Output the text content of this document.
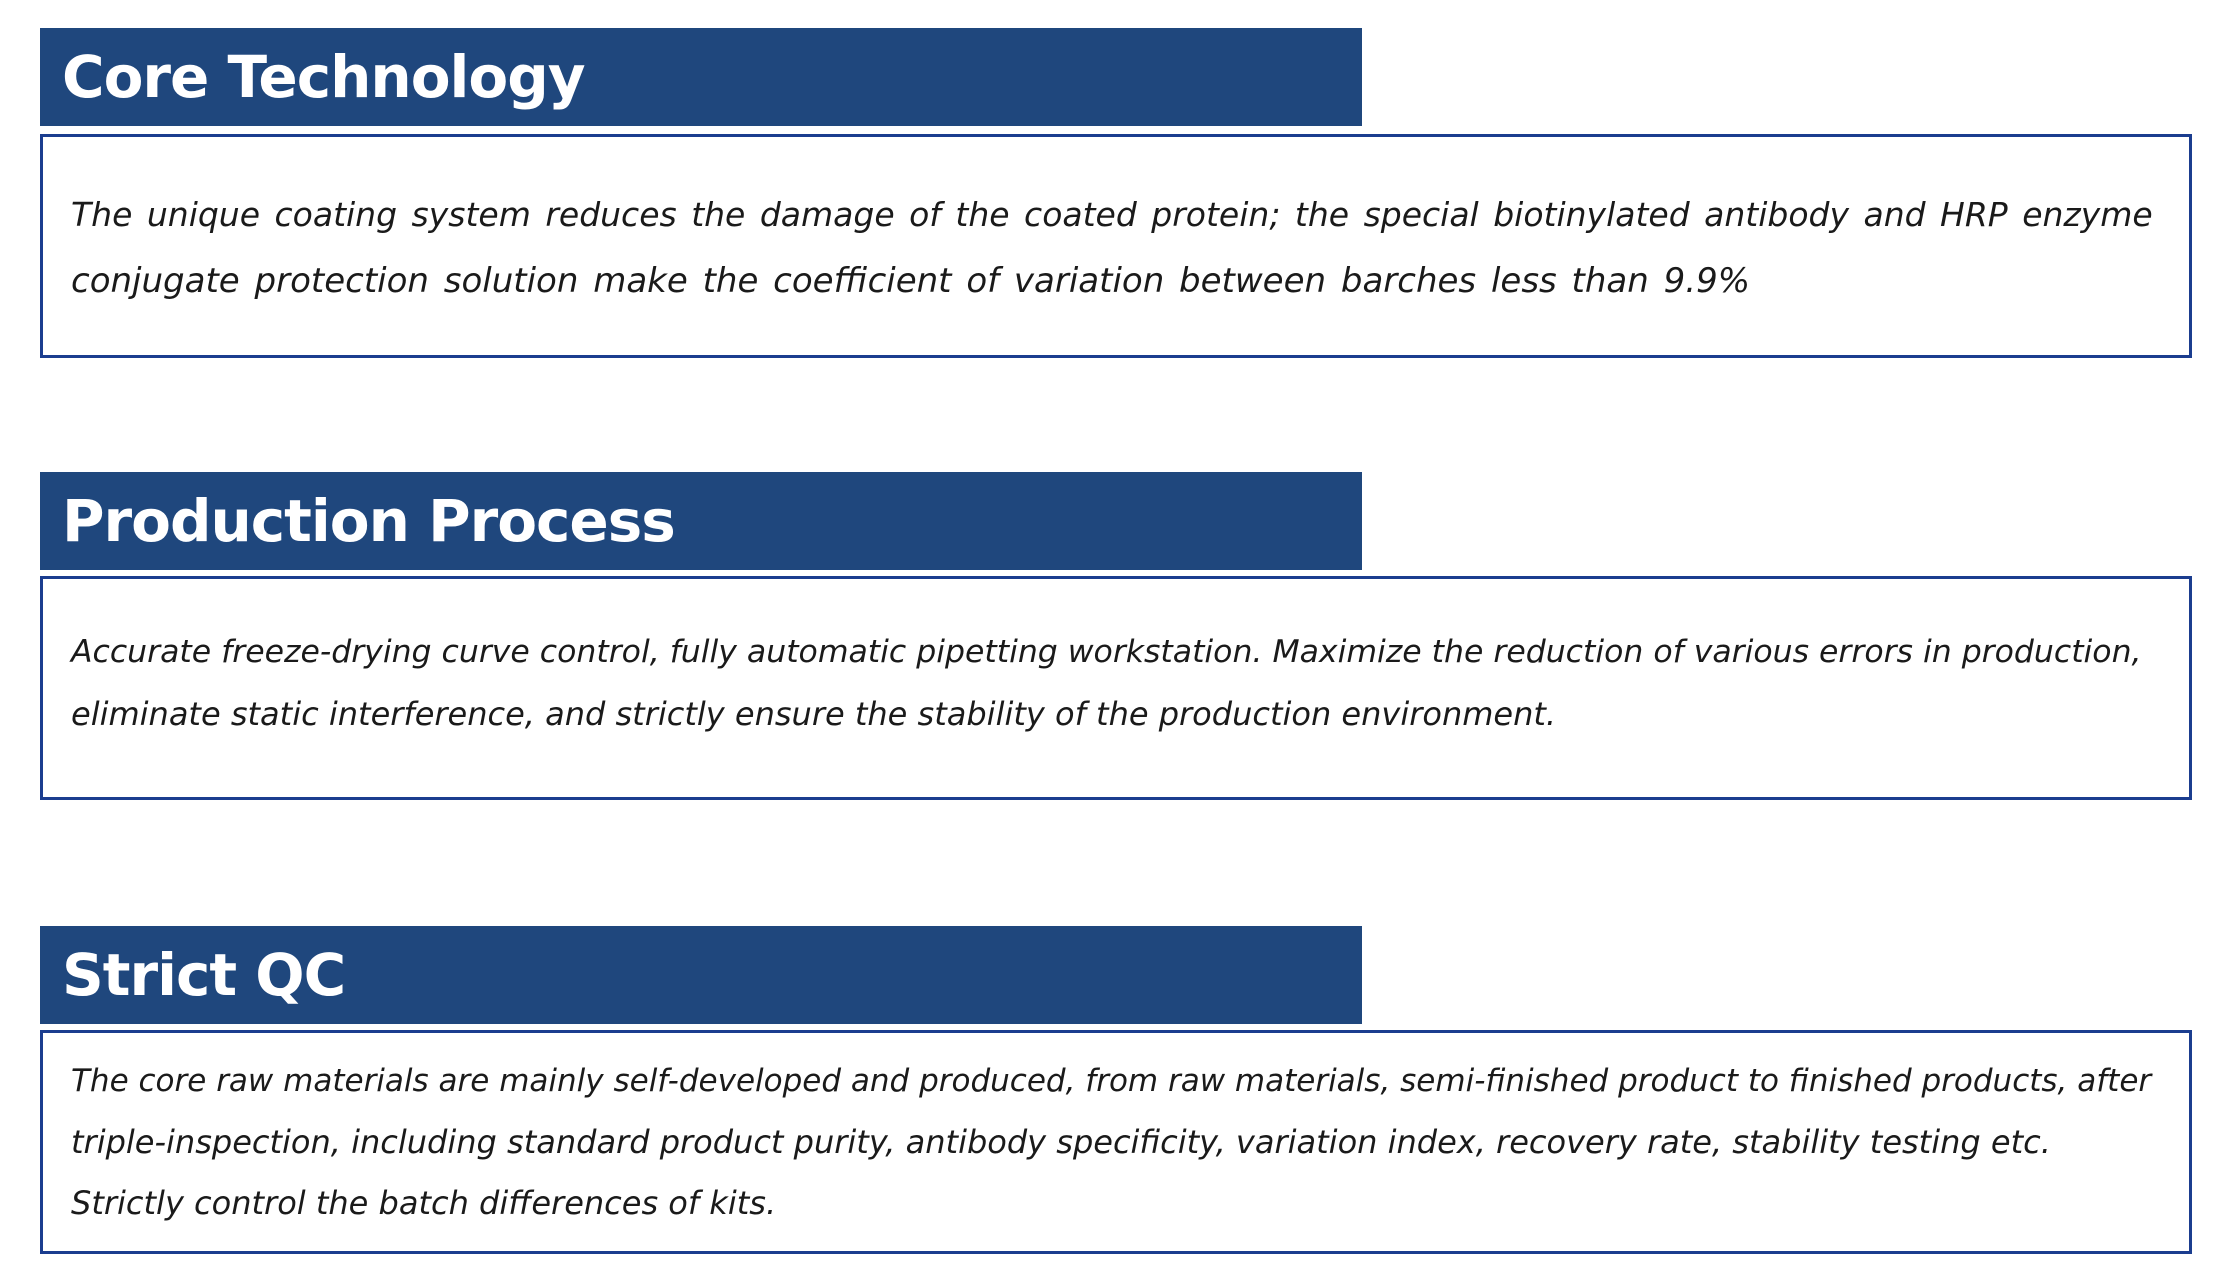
Core Technology

The unique coating system reduces the damage of the coated protein; the special biotinylated antibody and HRP enzyme

conjugate protection solution make the coefficient of variation between barches less than 9.9%

Production Process

Accurate freeze-drying curve control, fully automatic pipetting workstation. Maximize the reduction of various errors in production,

eliminate static interference, and strictly ensure the stability of the production environment.

Strict QC

The core raw materials are mainly self-developed and produced, from raw materials, semi-finished product to finished products, after

triple-inspection, including standard product purity, antibody specificity, variation index, recovery rate, stability testing etc.

Strictly control the batch differences of kits.
